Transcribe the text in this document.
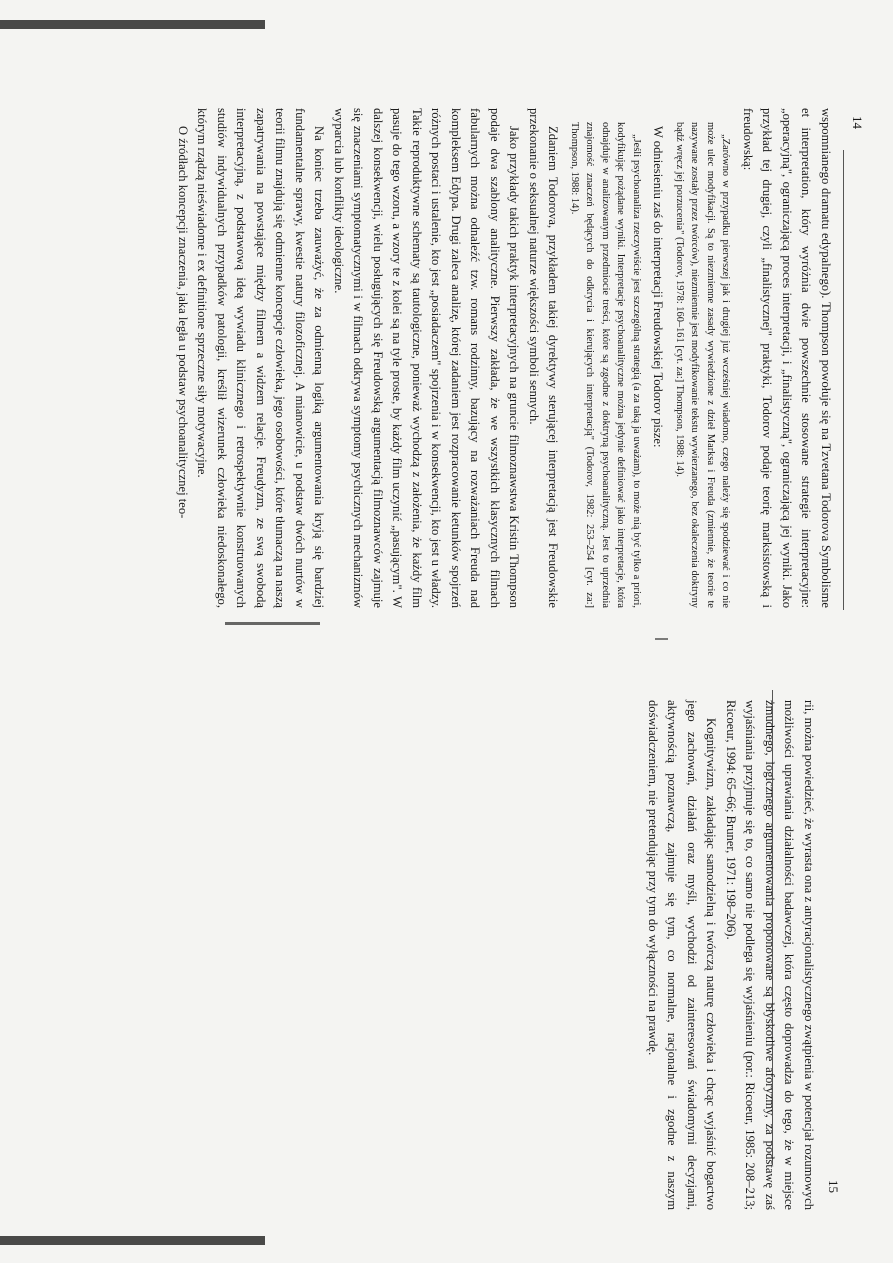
14

wspomnianego dramatu edypalnego). Thompson powołuje się na Tzvetana Todorova Symbolisme et interpretation, który wyróżnia dwie powszechnie stosowane strategie interpretacyjne: „operacyjną", ograniczającą proces interpretacji, i „finalistyczną", ograniczającą jej wyniki. Jako przykład tej drugiej, czyli „finalistycznej" praktyki, Todorov podaje teorię marksistowską i freudowską:

„Zarówno w przypadku pierwszej jak i drugiej już wcześniej wiadomo, czego należy się spodziewać i co nie może ulec modyfikacji. Są to niezmienne zasady wywiedzione z dzieł Marksa i Freuda (zmiennie, że teorie te nazywane zostały przez twórców), niezmiennie jest modyfikowanie tekstu wywierzanego, bez okaleczenia doktryny bądź wręcz jej porzucenia" (Todorov, 1978: 160–161 [cyt. za:] Thompson, 1988: 14).

W odniesieniu zaś do interpretacji Freudowskiej Todorov pisze:

„Jeśli psychoanaliza rzeczywiście jest szczególną strategią (a za taką ja uważam), to może nią być tylko a priori, kodyfikując pożądane wyniki. Interpretacje psychoanalityczne można jedynie definiować jako interpretacje, która odnajduje w analizowanym przedmiocie treści, które są zgodne z doktryną psychoanalityczną. Jest to uprzednia znajomość znaczeń będących do odkrycia i kierujących interpretacją" (Todorov, 1982: 253–254 [cyt. za:] Thompson, 1988: 14).

Zdaniem Todorova, przykładem takiej dyrektywy sterującej interpretacją jest Freudowskie przekonanie o seksualnej naturze większości symboli sennych.

Jako przykłady takich praktyk interpretacyjnych na gruncie filmoznawstwa Kristin Thompson podaje dwa szablony analityczne. Pierwszy zakłada, że we wszystkich klasycznych filmach fabularnych można odnaleźć tzw. romans rodzinny, bazujący na rozważaniach Freuda nad kompleksem Edypa. Drugi zaleca analizę, której zadaniem jest rozpracowanie ketunków spojrzeń różnych postaci i ustalenie, kto jest „posiadaczem" spojrzenia i w konsekwencji, kto jest u władzy. Takie reproduktywne schematy są tautologiczne, ponieważ wychodzą z założenia, że każdy film pasuje do tego wzoru, a wzory te z kolei są na tyle proste, by każdy film uczynić „pasującym". W dalszej konsekwencji, wielu posługujących się Freudowską argumentacją filmoznawców zajmuje się znaczeniami symptomatycznymi i w filmach odkrywa symptomy psychicznych mechanizmów wyparcia lub konflikty ideologiczne.

Na koniec trzeba zauważyć, że za odmienną logiką argumentowania kryją się bardziej fundamentalne sprawy, kwestie natury filozoficznej. A mianowicie, u podstaw dwóch nurtów w teorii filmu znajdują się odmienne koncepcje człowieka, jego osobowości, które tłumaczą na naszą zapatrywania na powstające między filmem a widzem relacje. Freudyzm, ze swą swobodą interpretacyjną, z podstawową ideą wywiadu klinicznego i retrospektywnie konstruowanych studiów indywidualnych przypadków patologii, kreślił wizerunek człowieka niedoskonałego, którym rządzą nieświadome i ex definitione sprzeczne siły motywacyjne.

O źródłach koncepcji znaczenia, jaka legła u podstaw psychoanalitycznej teo-

15

rii, można powiedzieć, że wyrasta ona z antyracjonalistycznego zwątpienia w potencjał rozumowych możliwości uprawiania działalności badawczej, która często doprowadza do tego, że w miejsce żmudnego, logicznego argumentowania proponowane są błyskotliwe aforyzmy, za podstawę zaś wyjaśniania przyjmuje się to, co samo nie podlega się wyjaśnieniu (por.: Ricoeur, 1985: 208–213; Ricoeur, 1994: 65–66; Bruner, 1971: 198–206).

Kognitywizm, zakładając samodzielną i twórczą naturę człowieka i chcąc wyjaśnić bogactwo jego zachowań, działań oraz myśli, wychodzi od zainteresowań świadomymi decyzjami, aktywnością poznawczą, zajmuje się tym, co normalne, racjonalne i zgodne z naszym doświadczeniem, nie pretendując przy tym do wyłączności na prawdę.
